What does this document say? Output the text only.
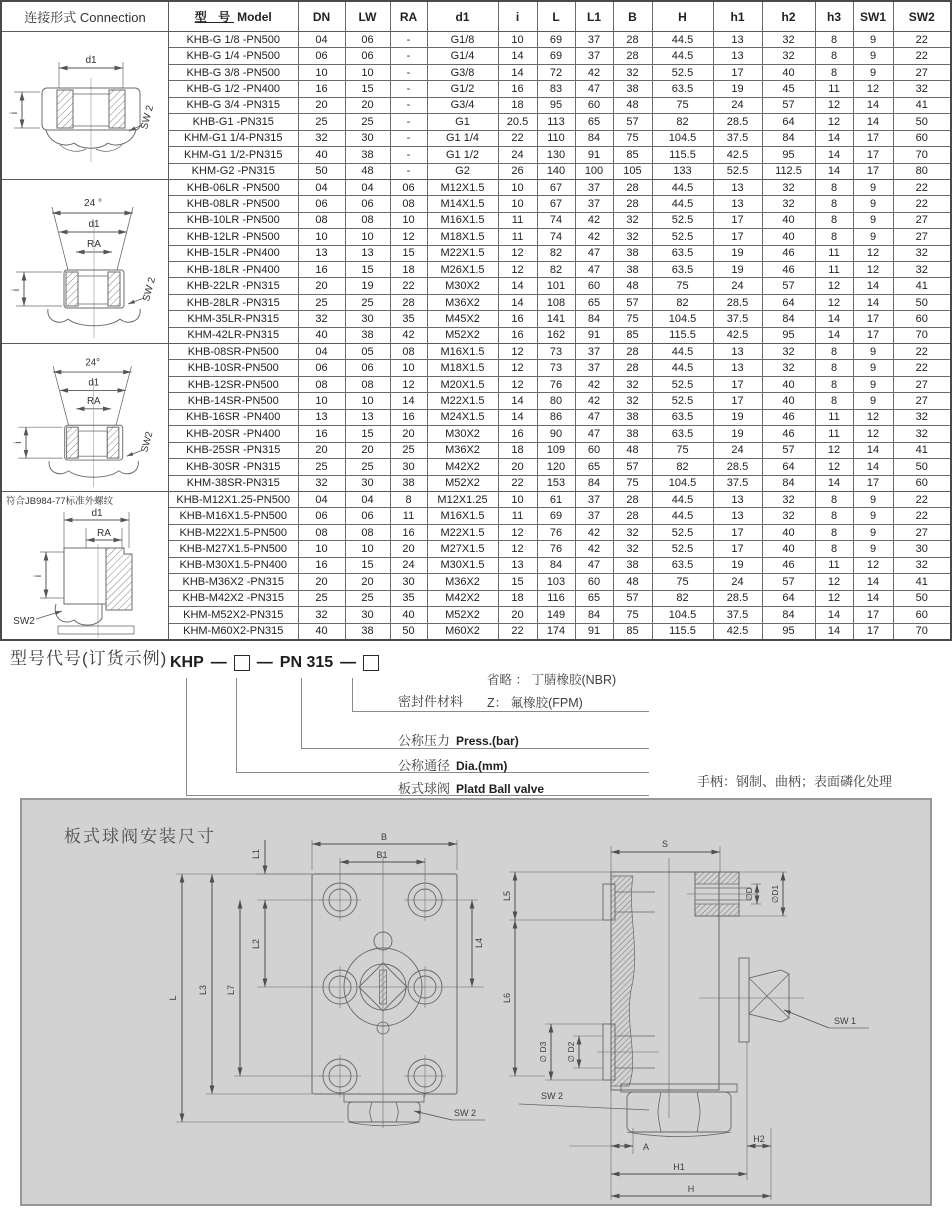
连接形式 Connection	型 号 Model	DN	LW	RA	d1	i	L	L1	B	H	h1	h2	h3	SW1	SW2
d1
i	SW 2
KHB-G 1/8 -PN500	04	06	-	G1/8	10	69	37	28	44.5	13	32	8	9	22
KHB-G 1/4 -PN500	06	06	-	G1/4	14	69	37	28	44.5	13	32	8	9	22
KHB-G 3/8 -PN500	10	10	-	G3/8	14	72	42	32	52.5	17	40	8	9	27
KHB-G 1/2 -PN400	16	15	-	G1/2	16	83	47	38	63.5	19	45	11	12	32
KHB-G 3/4 -PN315	20	20	-	G3/4	18	95	60	48	75	24	57	12	14	41
KHB-G1 -PN315	25	25	-	G1	20.5	113	65	57	82	28.5	64	12	14	50
KHM-G1 1/4-PN315	32	30	-	G1 1/4	22	110	84	75	104.5	37.5	84	14	17	60
KHM-G1 1/2-PN315	40	38	-	G1 1/2	24	130	91	85	115.5	42.5	95	14	17	70
KHM-G2 -PN315	50	48	-	G2	26	140	100	105	133	52.5	112.5	14	17	80
24 °
d1
RA
i	SW 2
KHB-06LR -PN500	04	04	06	M12X1.5	10	67	37	28	44.5	13	32	8	9	22
KHB-08LR -PN500	06	06	08	M14X1.5	10	67	37	28	44.5	13	32	8	9	22
KHB-10LR -PN500	08	08	10	M16X1.5	11	74	42	32	52.5	17	40	8	9	27
KHB-12LR -PN500	10	10	12	M18X1.5	11	74	42	32	52.5	17	40	8	9	27
KHB-15LR -PN400	13	13	15	M22X1.5	12	82	47	38	63.5	19	46	11	12	32
KHB-18LR -PN400	16	15	18	M26X1.5	12	82	47	38	63.5	19	46	11	12	32
KHB-22LR -PN315	20	19	22	M30X2	14	101	60	48	75	24	57	12	14	41
KHB-28LR -PN315	25	25	28	M36X2	14	108	65	57	82	28.5	64	12	14	50
KHM-35LR-PN315	32	30	35	M45X2	16	141	84	75	104.5	37.5	84	14	17	60
KHM-42LR-PN315	40	38	42	M52X2	16	162	91	85	115.5	42.5	95	14	17	70
24°
d1
RA
i	SW2
KHB-08SR-PN500	04	05	08	M16X1.5	12	73	37	28	44.5	13	32	8	9	22
KHB-10SR-PN500	06	06	10	M18X1.5	12	73	37	28	44.5	13	32	8	9	22
KHB-12SR-PN500	08	08	12	M20X1.5	12	76	42	32	52.5	17	40	8	9	27
KHB-14SR-PN500	10	10	14	M22X1.5	14	80	42	32	52.5	17	40	8	9	27
KHB-16SR -PN400	13	13	16	M24X1.5	14	86	47	38	63.5	19	46	11	12	32
KHB-20SR -PN400	16	15	20	M30X2	16	90	47	38	63.5	19	46	11	12	32
KHB-25SR -PN315	20	20	25	M36X2	18	109	60	48	75	24	57	12	14	41
KHB-30SR -PN315	25	25	30	M42X2	20	120	65	57	82	28.5	64	12	14	50
KHM-38SR-PN315	32	30	38	M52X2	22	153	84	75	104.5	37.5	84	14	17	60
符合JB984-77标准外螺纹
d1
RA
i
SW2
KHB-M12X1.25-PN500	04	04	8	M12X1.25	10	61	37	28	44.5	13	32	8	9	22
KHB-M16X1.5-PN500	06	06	11	M16X1.5	11	69	37	28	44.5	13	32	8	9	22
KHB-M22X1.5-PN500	08	08	16	M22X1.5	12	76	42	32	52.5	17	40	8	9	27
KHB-M27X1.5-PN500	10	10	20	M27X1.5	12	76	42	32	52.5	17	40	8	9	30
KHB-M30X1.5-PN400	16	15	24	M30X1.5	13	84	47	38	63.5	19	46	11	12	32
KHB-M36X2 -PN315	20	20	30	M36X2	15	103	60	48	75	24	57	12	14	41
KHB-M42X2 -PN315	25	25	35	M42X2	18	116	65	57	82	28.5	64	12	14	50
KHM-M52X2-PN315	32	30	40	M52X2	20	149	84	75	104.5	37.5	84	14	17	60
KHM-M60X2-PN315	40	38	50	M60X2	22	174	91	85	115.5	42.5	95	14	17	70
型号代号(订货示例) KHP — — PN 315 —
密封件材料
省略 ： 丁腈橡胶(NBR)
Z： 氟橡胶(FPM)
公称压力 Press.(bar)
公称通径 Dia.(mm)
板式球阀 Platd Ball valve	手柄：钢制、曲柄；表面磷化处理
板式球阀安装尺寸	B
B1
L1
L2
L7
L3
L
L4
SW 2
S
L5
L6
∅ D3 ∅ D2
∅D ∅D1
SW 1
SW 2
A
H2
H1
H
